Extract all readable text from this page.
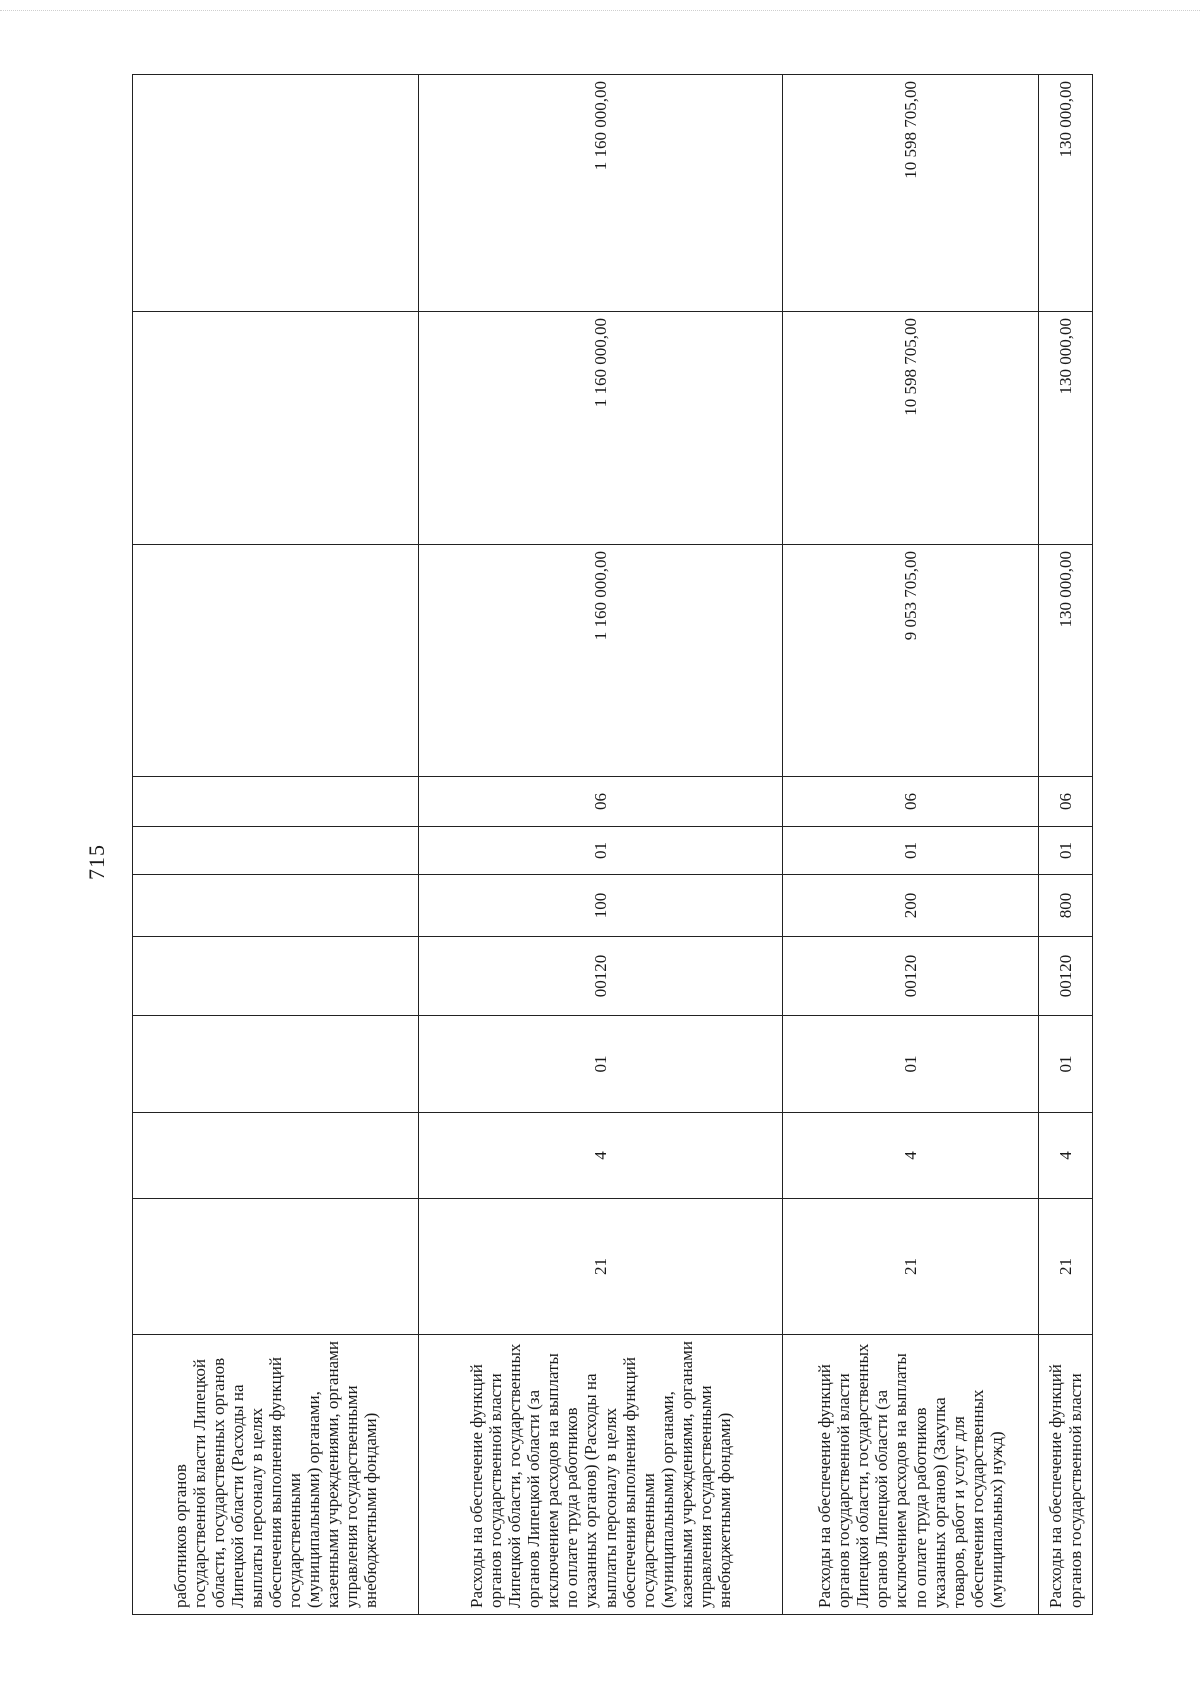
715
работников органов государственной власти Липецкой области, государственных органов Липецкой области (Расходы на выплаты персоналу в целях обеспечения выполнения функций государственными (муниципальными) органами, казенными учреждениями, органами управления государственными внебюджетными фондами)										
Расходы на обеспечение функций органов государственной власти Липецкой области, государственных органов Липецкой области (за исключением расходов на выплаты по оплате труда работников указанных органов) (Расходы на выплаты персоналу в целях обеспечения выполнения функций государственными (муниципальными) органами, казенными учреждениями, органами управления государственными внебюджетными фондами)	21	4	01	00120	100	01	06	1 160 000,00	1 160 000,00	1 160 000,00
Расходы на обеспечение функций органов государственной власти Липецкой области, государственных органов Липецкой области (за исключением расходов на выплаты по оплате труда работников указанных органов) (Закупка товаров, работ и услуг для обеспечения государственных (муниципальных) нужд)	21	4	01	00120	200	01	06	9 053 705,00	10 598 705,00	10 598 705,00
Расходы на обеспечение функций органов государственной власти	21	4	01	00120	800	01	06	130 000,00	130 000,00	130 000,00
